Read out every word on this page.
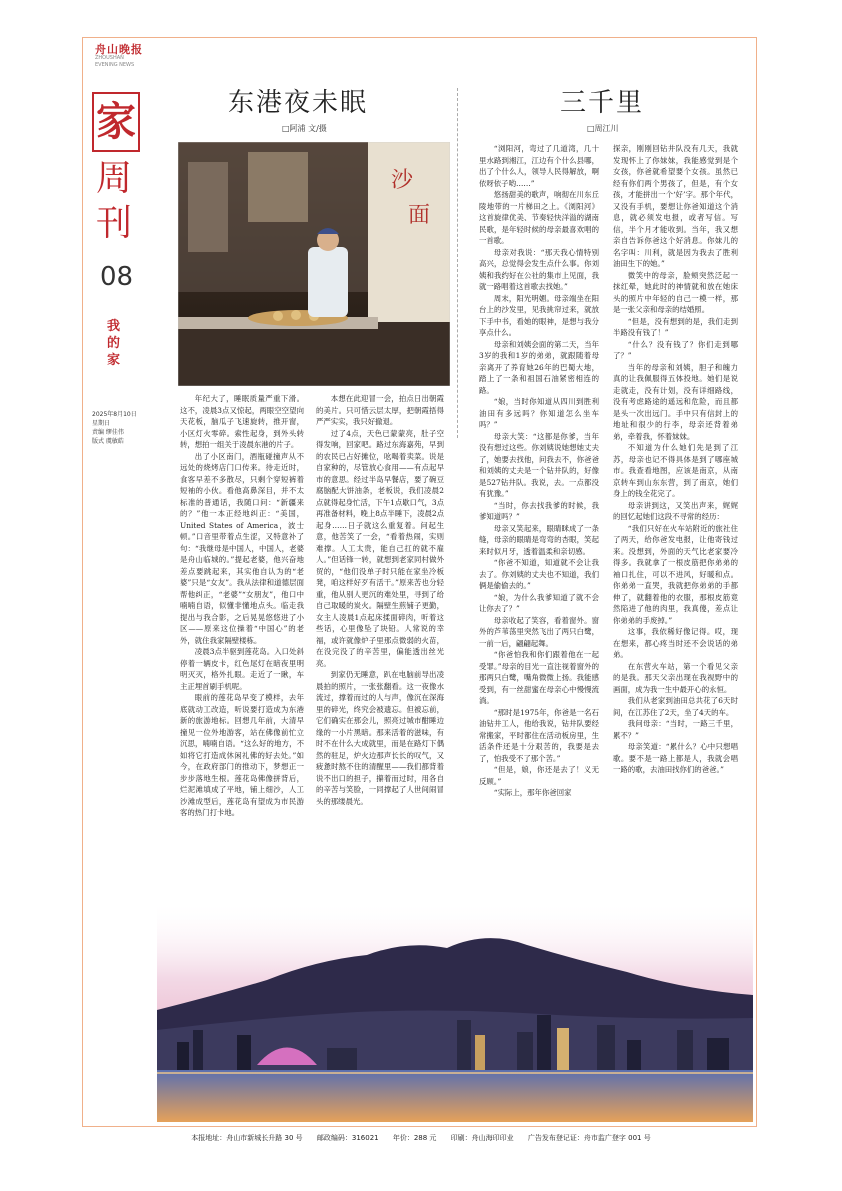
舟山晚报
ZHOUSHAN
EVENING NEWS
家
周
刊
08
我的家
2025年8月10日
星期日
责编 缪佳伟
版式 虞敏皓
东港夜未眠
□阿浦 文/摄
三千里
□周江川
沙
面

年纪大了，睡眠质量严重下滑。这不，凌晨3点又惊起，两眼空空望向天花板，脑瓜子飞速旋转，推开窗，小区灯火零碎。索性起身，到外头转转，想拍一组关于凌晨东港的片子。

出了小区南门，酒瓶碰撞声从不远处的烧烤店门口传来。待走近时，食客早差不多散尽，只剩个穿短裤着短袖的小伙。看他高鼻深目，并不太标准的普通话，我随口问：“新疆来的？”他一本正经地纠正：“美国，United States of America，波士顿。”口音里带着点生涩，又特意补了句：“我继母是中国人，中国人，老婆是舟山临城的。”提起老婆，他兴奋地差点要跳起来，其实他自认为的“老婆”只是“女友”。我从法律和道德层面帮他纠正，“老婆”“女朋友”，他口中喃喃自语，似懂非懂地点头。临走我提出与我合影，之后晃晃悠悠进了小区——原来这位操着“中国心”的老外，就住我家隔壁楼栋。

凌晨3点半驱到莲花岛。入口处斜停着一辆皮卡，红色尾灯在暗夜里明明灭灭，格外扎眼。走近了一瞅，车主正埋首刷手机呢。

眼前的莲花岛早变了模样，去年底就动工改造，听说要打造成为东港新的旅游地标。回想几年前，大清早撞见一位外地游客，站在佛像前忙立沉思，喃喃自语。“这么好的地方，不如将它打造成休闲礼佛的好去处。”如今，在政府部门的推动下，梦想正一步步落地生根。莲花岛佛像拼背后，烂泥滩填成了平地，铺上细沙，人工沙滩成型后，莲花岛有望成为市民游客的热门打卡地。

本想在此迎冒一会，拍点日出朝霞的美片。只可惜云层太厚，把朝霞捂得严严实实，我只好撤退。

过了4点，天色已蒙蒙亮，肚子空得发响，回家吧。路过东海嘉苑，早到的农民已占好摊位，吆喝着卖菜。说是自家种的，尽管放心食用——有点起早市的意思。经过半岛早餐店，要了碗豆腐脑配大饼油条，老板说，我们凌晨2点就得起身忙活，下午1点歇口气，3点再准备材料，晚上8点半睡下，凌晨2点起身……日子就这么重复着。问起生意，他苦笑了一会，“看着热闹，实则难撑。人工太贵，能自己扛的就不雇人。”但话锋一转，就想到老家同村做外贸的，“他们没单子时只能在家坐冷板凳，咱这样好歹有活干。”原来苦也分轻重，他从别人更沉的难处里，寻到了给自己取暖的炭火。隔壁生煎铺子更勤，女主人凌晨1点起床揉面碎肉，听着这些话，心里像坠了块铅。人常说的幸福，或许就像炉子里那点微弱的火苗，在没完没了的辛苦里，偏能透出丝光亮。

到家仍无睡意，趴在电脑前导出凌晨拍的照片，一张张翻看。这一夜像水流过，撑着而过的人与声，像沉在深海里的碎光，终究会被遗忘。但被忘前，它们确实在那会儿，照亮过城市酣睡边缘的一小片黑暗。那来活着的滋味，有时不在什么大成就里，而是在路灯下偶然的驻足，炉火边那声长长的叹气，又疲惫时熬不住的清醒里——我们都背着说不出口的担子，攥着而过时，用各自的辛苦与笑脸，一同撑起了人世间闹冒头的那缕晨光。

“浏阳河，弯过了几道湾，几十里水路到湘江，江边有个什么县哪，出了个什么人，领导人民得解放，啊依呀依子哟……”

悠扬甜美的歌声，响彻在川东丘陵地带的一片梯田之上。《浏阳河》这首旋律优美、节奏轻快洋溢的湖南民歌，是年轻时候的母亲最喜欢唱的一首歌。

母亲对我说：“那天我心情特别高兴，总觉得会发生点什么事。你刘姨和我约好在公社的集市上见面，我就一路唱着这首歌去找她。”

周末，阳光明媚。母亲端坐在阳台上的沙发里，见我挑帘过来，就放下手中书，看她的眼神，是想与我分享点什么。

母亲和刘姨会面的第二天，当年3岁的我和1岁的弟弟，就跟随着母亲离开了养育她26年的巴蜀大地，踏上了一条和祖国石油紧密相连的路。

“娘，当时你知道从四川到胜利油田有多远吗？你知道怎么坐车吗？”

母亲大笑：“这都是你爹，当年没有想过这些。你刘姨说她想她丈夫了，她要去找他，问我去不，你爸爸和刘姨的丈夫是一个钻井队的，好像是527钻井队。我说，去。一点都没有犹豫。”

“当时，你去找我爹的时候，我爹知道吗？”

母亲又笑起来，眼睛眯成了一条缝，母亲的眼睛是弯弯的杏眼，笑起来时似月牙，透着温柔和亲切感。

“你爸不知道，知道就不会让我去了。你刘姨的丈夫也不知道，我们俩是偷偷去的。”

“娘，为什么我爹知道了就不会让你去了？”

母亲收起了笑容，看着窗外。窗外的芦苇荡里突然飞出了两只白鹭，一前一后，翩翩起舞。

“你爸怕我和你们跟着他在一起受罪。”母亲的目光一直注视着窗外的那两只白鹭，嘴角微微上扬。我能感受到，有一丝甜蜜在母亲心中慢慢流淌。

“那时是1975年，你爸是一名石油钻井工人，他给我说，钻井队要经常搬家，平时都住在活动板房里，生活条件还是十分艰苦的，我要是去了，怕我受不了那个苦。”

“但是，娘，你还是去了！义无反顾。”

“实际上，那年你爸回家

探亲，刚刚回钻井队没有几天，我就发现怀上了你妹妹，我能感觉到是个女孩，你爸就希望要个女孩。虽然已经有你们两个男孩了，但是，有个女孩，才能拼出一个‘好’字。那个年代，又没有手机，要想让你爸知道这个消息，就必须发电报，或者写信。写信，半个月才能收到。当年，我又想亲自告诉你爸这个好消息。你妹儿的名字叫：川利，就是因为我去了胜利油田生下的她。”

微笑中的母亲，脸颊突然泛起一抹红晕，她此时的神情就和放在她床头的照片中年轻的自己一模一样，那是一张父亲和母亲的结婚照。

“但是，没有想到的是，我们走到半路没有钱了！”

“什么？没有钱了？你们走到哪了？”

当年的母亲和刘姨，胆子和魄力真的让我佩服得五体投地。她们是说走就走，没有计划，没有详细路线，没有考虑路途的遥远和危险，而且都是头一次出远门。手中只有信封上的地址和很少的行李，母亲还背着弟弟，牵着我，怀着妹妹。

不知道为什么她们先是到了江苏，母亲也记不得具体是到了哪座城市。我查看地图，应该是南京，从南京转车到山东东营，到了南京，她们身上的钱全花完了。

母亲讲到这，又笑出声来，娓娓的回忆起她们这段不寻常的经历：

“我们只好在火车站附近的旅社住了两天，给你爸发电报，让他寄钱过来。没想到，外面的天气比老家要冷得多。我就拿了一根皮筋把你弟弟的袖口扎住，可以不进风，好暖和点。你弟弟一直哭，我就把你弟弟的手都伸了，就翻着他的衣服，那根皮筋竟然陷进了他的肉里，我真傻，差点让你弟弟的手废掉。”

这事，我依稀好像记得。哎，现在想来，都心疼当时还不会说话的弟弟。

在东营火车站，第一个看见父亲的是我。那天父亲出现在我视野中的画面，成为我一生中最开心的永恒。

我们从老家到油田总共花了6天时间，在江苏住了2天，坐了4天的车。

我问母亲：“当时，一路三千里，累不？”

母亲笑道：“累什么？心中只想唱歌。要不是一路上都是人，我就会唱一路的歌，去油田找你们的爸爸。”

本报地址：舟山市新城长升路 30 号 邮政编码：316021 年价：288 元 印刷：舟山海印印业 广告发布登记证：舟市监广登字 001 号
